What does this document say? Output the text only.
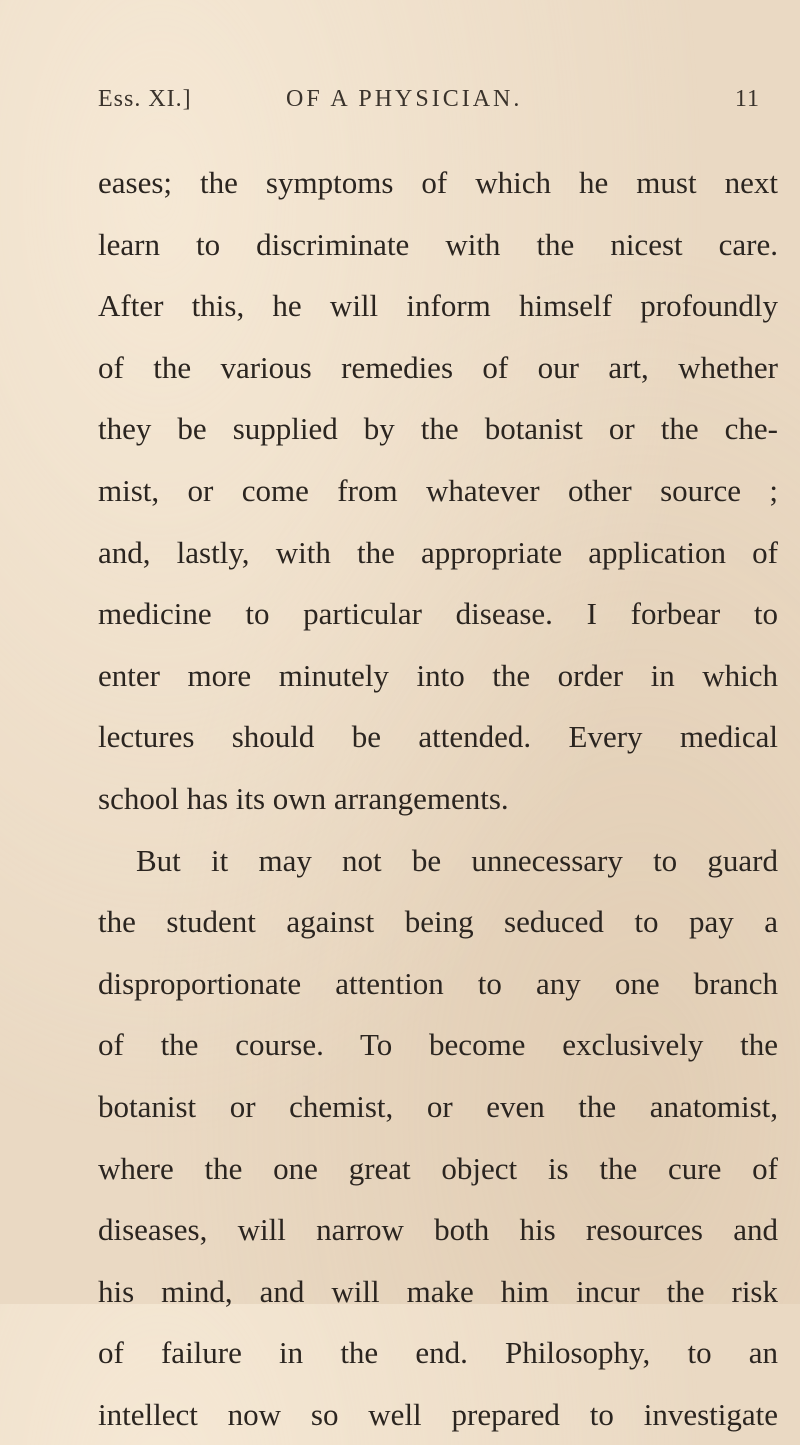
Ess. XI.]	OF A PHYSICIAN.	11
eases; the symptoms of which he must next
learn to discriminate with the nicest care.
After this, he will inform himself profoundly
of the various remedies of our art, whether
they be supplied by the botanist or the che-
mist, or come from whatever other source ;
and, lastly, with the appropriate application of
medicine to particular disease. I forbear to
enter more minutely into the order in which
lectures should be attended. Every medical
school has its own arrangements.
But it may not be unnecessary to guard
the student against being seduced to pay a
disproportionate attention to any one branch
of the course. To become exclusively the
botanist or chemist, or even the anatomist,
where the one great object is the cure of
diseases, will narrow both his resources and
his mind, and will make him incur the risk
of failure in the end. Philosophy, to an
intellect now so well prepared to investigate
